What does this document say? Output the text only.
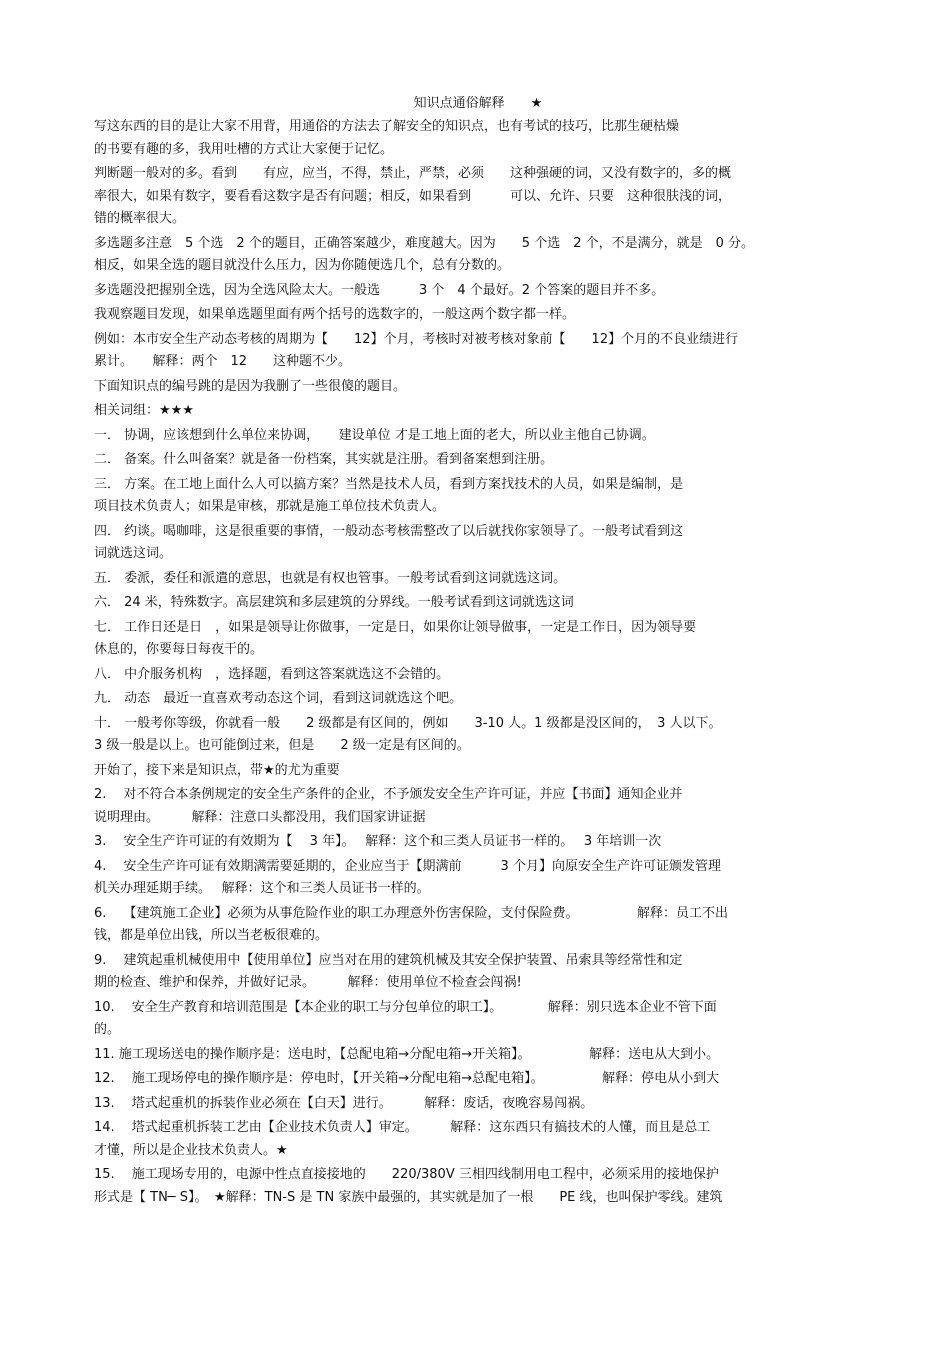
知识点通俗解释　　★

写这东西的目的是让大家不用背，用通俗的方法去了解安全的知识点，也有考试的技巧，比那生硬枯燥

的书要有趣的多，我用吐槽的方式让大家便于记忆。

判断题一般对的多。看到　　有应，应当，不得，禁止，严禁，必须　　这种强硬的词，又没有数字的，多的概

率很大，如果有数字，要看看这数字是否有问题；相反，如果看到　　　可以、允许、只要　这种很肤浅的词，

错的概率很大。

多选题多注意　5 个选　2 个的题目，正确答案越少，难度越大。因为　　5 个选　2 个，不是满分，就是　0 分。

相反，如果全选的题目就没什么压力，因为你随便选几个，总有分数的。

多选题没把握别全选，因为全选风险太大。一般选　　　3 个　4 个最好。2 个答案的题目并不多。

我观察题目发现，如果单选题里面有两个括号的选数字的，一般这两个数字都一样。

例如：本市安全生产动态考核的周期为【　　12】个月，考核时对被考核对象前【　　12】个月的不良业绩进行

累计。　　解释：两个　12　　这种题不少。

下面知识点的编号跳的是因为我删了一些很傻的题目。

相关词组：★★★

一． 协调，应该想到什么单位来协调，　　建设单位 才是工地上面的老大，所以业主他自己协调。

二． 备案。什么叫备案？就是备一份档案，其实就是注册。看到备案想到注册。

三． 方案。在工地上面什么人可以搞方案？当然是技术人员，看到方案找技术的人员，如果是编制，是

项目技术负责人；如果是审核，那就是施工单位技术负责人。

四． 约谈。喝咖啡，这是很重要的事情，一般动态考核需整改了以后就找你家领导了。一般考试看到这

词就选这词。

五． 委派，委任和派遣的意思，也就是有权也管事。一般考试看到这词就选这词。

六． 24 米，特殊数字。高层建筑和多层建筑的分界线。一般考试看到这词就选这词

七． 工作日还是日　，如果是领导让你做事，一定是日，如果你让领导做事，一定是工作日，因为领导要

休息的，你要每日每夜干的。

八． 中介服务机构　，选择题，看到这答案就选这不会错的。

九． 动态　最近一直喜欢考动态这个词，看到这词就选这个吧。

十． 一般考你等级，你就看一般　　2 级都是有区间的，例如　　3-10 人。1 级都是没区间的，　3 人以下。

3 级一般是以上。也可能倒过来，但是　　2 级一定是有区间的。

开始了，接下来是知识点，带★的尤为重要

2.　 对不符合本条例规定的安全生产条件的企业，不予颁发安全生产许可证，并应【书面】通知企业并

说明理由。　　　解释：注意口头都没用，我们国家讲证据

3.　 安全生产许可证的有效期为【　 3 年】。　 解释：这个和三类人员证书一样的。　 3 年培训一次

4.　 安全生产许可证有效期满需要延期的，企业应当于【期满前　　　3 个月】向原安全生产许可证颁发管理

机关办理延期手续。　 解释：这个和三类人员证书一样的。

6.　 【建筑施工企业】必须为从事危险作业的职工办理意外伤害保险，支付保险费。　　　　　解释：员工不出

钱，都是单位出钱，所以当老板很难的。

9.　 建筑起重机械使用中【使用单位】应当对在用的建筑机械及其安全保护装置、吊索具等经常性和定

期的检查、维护和保养，并做好记录。　　　解释：使用单位不检查会闯祸!

10.　 安全生产教育和培训范围是【本企业的职工与分包单位的职工】。　　　　解释：别只选本企业不管下面

的。

11. 施工现场送电的操作顺序是：送电时，【总配电箱→分配电箱→开关箱】。　　　　　解释：送电从大到小。

12.　 施工现场停电的操作顺序是：停电时，【开关箱→分配电箱→总配电箱】。　　　　　解释：停电从小到大

13.　 塔式起重机的拆装作业必须在【白天】进行。　　　解释：废话，夜晚容易闯祸。

14.　 塔式起重机拆装工艺由【企业技术负责人】审定。　　　解释：这东西只有搞技术的人懂，而且是总工

才懂，所以是企业技术负责人。★

15.　 施工现场专用的，电源中性点直接接地的　　220/380V 三相四线制用电工程中，必须采用的接地保护

形式是【 TN─ S】。　★解释：TN-S 是 TN 家族中最强的，其实就是加了一根　　PE 线，也叫保护零线。建筑
